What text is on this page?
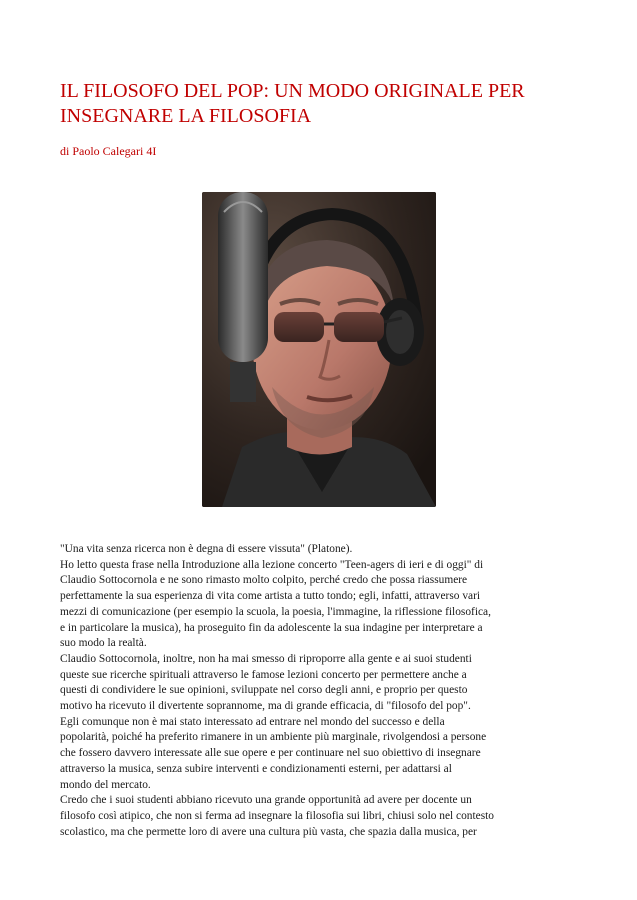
IL FILOSOFO DEL POP: UN MODO ORIGINALE PER
INSEGNARE LA FILOSOFIA
di Paolo Calegari 4I

"Una vita senza ricerca non è degna di essere vissuta" (Platone).

Ho letto questa frase nella Introduzione alla lezione concerto "Teen-agers di ieri e di oggi" di
Claudio Sottocornola e ne sono rimasto molto colpito, perché credo che possa riassumere
perfettamente la sua esperienza di vita come artista a tutto tondo; egli, infatti, attraverso vari
mezzi di comunicazione (per esempio la scuola, la poesia, l'immagine, la riflessione filosofica,
e in particolare la musica), ha proseguito fin da adolescente la sua indagine per interpretare a
suo modo la realtà.

Claudio Sottocornola, inoltre, non ha mai smesso di riproporre alla gente e ai suoi studenti
queste sue ricerche spirituali attraverso le famose lezioni concerto per permettere anche a
questi di condividere le sue opinioni, sviluppate nel corso degli anni, e proprio per questo
motivo ha ricevuto il divertente soprannome, ma di grande efficacia, di "filosofo del pop".

Egli comunque non è mai stato interessato ad entrare nel mondo del successo e della
popolarità, poiché ha preferito rimanere in un ambiente più marginale, rivolgendosi a persone
che fossero davvero interessate alle sue opere e per continuare nel suo obiettivo di insegnare
attraverso la musica, senza subire interventi e condizionamenti esterni, per adattarsi al
mondo del mercato.

Credo che i suoi studenti abbiano ricevuto una grande opportunità ad avere per docente un
filosofo così atipico, che non si ferma ad insegnare la filosofia sui libri, chiusi solo nel contesto
scolastico, ma che permette loro di avere una cultura più vasta, che spazia dalla musica, per
